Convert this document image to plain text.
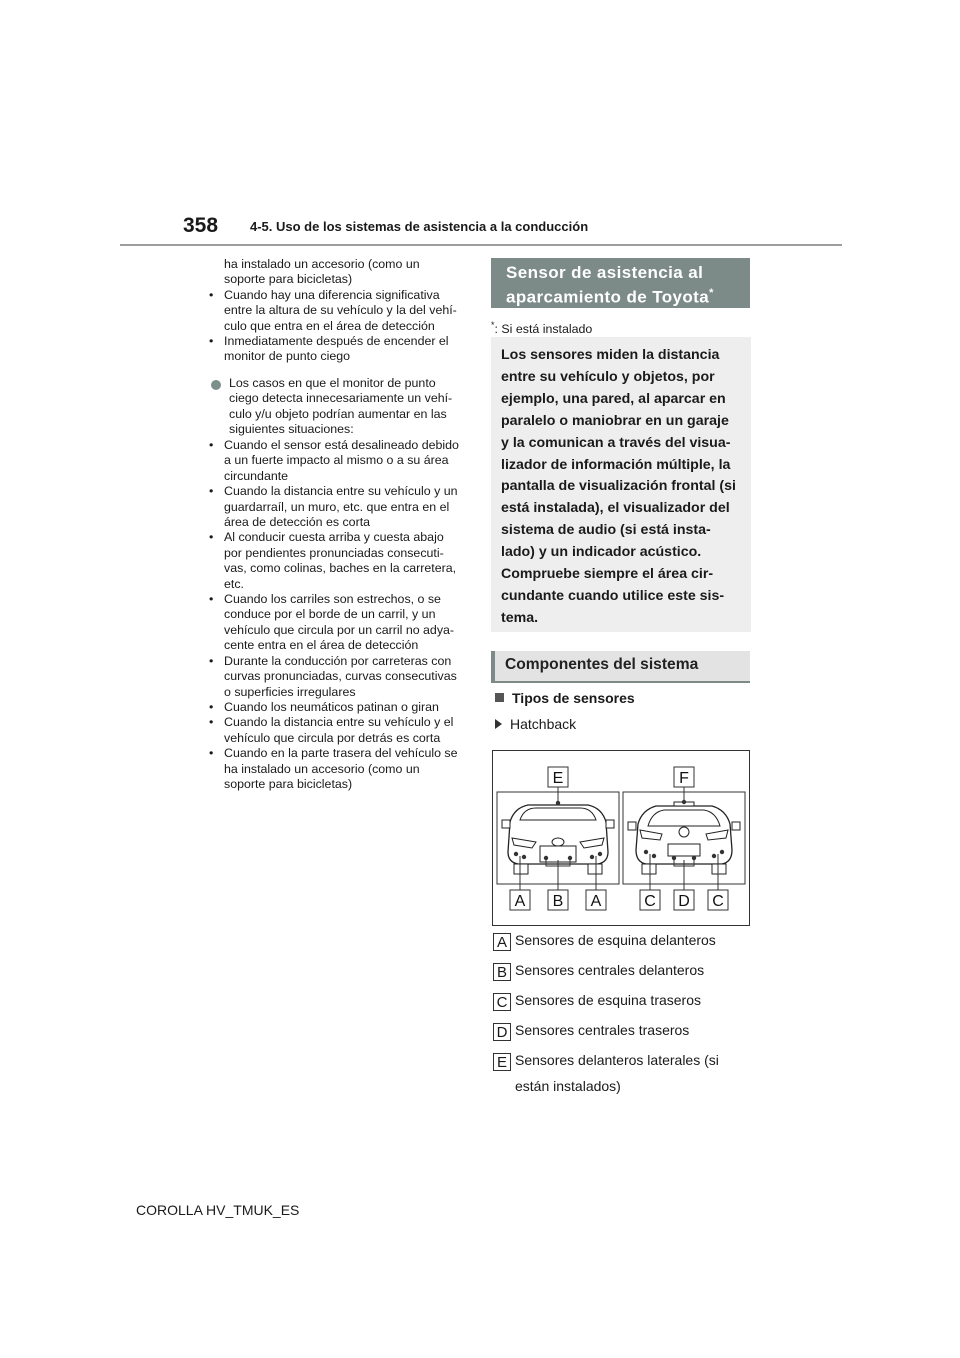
358 4-5. Uso de los sistemas de asistencia a la conducción

ha instalado un accesorio (como un

soporte para bicicletas)

• Cuando hay una diferencia significativa

entre la altura de su vehículo y la del vehí-

culo que entra en el área de detección

• Inmediatamente después de encender el

monitor de punto ciego

Los casos en que el monitor de punto

ciego detecta innecesariamente un vehí-

culo y/u objeto podrían aumentar en las

siguientes situaciones:

• Cuando el sensor está desalineado debido

a un fuerte impacto al mismo o a su área

circundante

• Cuando la distancia entre su vehículo y un

guardarraíl, un muro, etc. que entra en el

área de detección es corta

• Al conducir cuesta arriba y cuesta abajo

por pendientes pronunciadas consecuti-

vas, como colinas, baches en la carretera,

etc.

• Cuando los carriles son estrechos, o se

conduce por el borde de un carril, y un

vehículo que circula por un carril no adya-

cente entra en el área de detección

• Durante la conducción por carreteras con

curvas pronunciadas, curvas consecutivas

o superficies irregulares

• Cuando los neumáticos patinan o giran

• Cuando la distancia entre su vehículo y el

vehículo que circula por detrás es corta

• Cuando en la parte trasera del vehículo se

ha instalado un accesorio (como un

soporte para bicicletas)

Sensor de asistencia al
aparcamiento de Toyota*
*: Si está instalado

Los sensores miden la distancia

entre su vehículo y objetos, por

ejemplo, una pared, al aparcar en

paralelo o maniobrar en un garaje

y la comunican a través del visua-

lizador de información múltiple, la

pantalla de visualización frontal (si

está instalada), el visualizador del

sistema de audio (si está insta-

lado) y un indicador acústico.

Compruebe siempre el área cir-

cundante cuando utilice este sis-

tema.

Componentes del sistema
Tipos de sensores
Hatchback
E	F
A B A	C D C
A Sensores de esquina delanteros
B Sensores centrales delanteros
C Sensores de esquina traseros
D Sensores centrales traseros
E Sensores delanteros laterales (si
están instalados)
COROLLA HV_TMUK_ES
